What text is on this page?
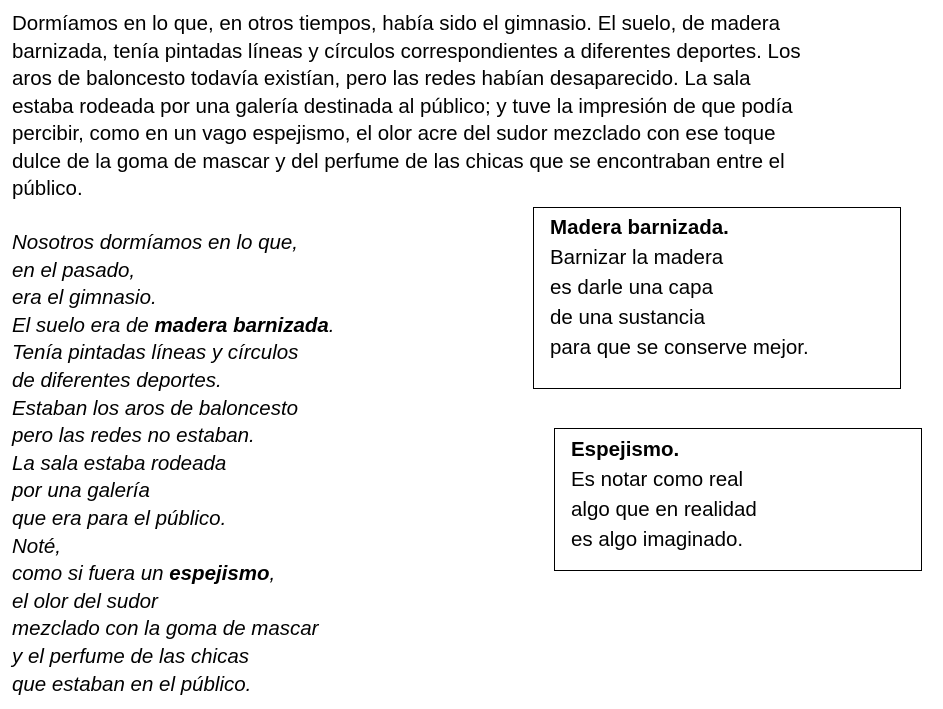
Dormíamos en lo que, en otros tiempos, había sido el gimnasio. El suelo, de madera
barnizada, tenía pintadas líneas y círculos correspondientes a diferentes deportes. Los
aros de baloncesto todavía existían, pero las redes habían desaparecido. La sala
estaba rodeada por una galería destinada al público; y tuve la impresión de que podía
percibir, como en un vago espejismo, el olor acre del sudor mezclado con ese toque
dulce de la goma de mascar y del perfume de las chicas que se encontraban entre el
público.
Nosotros dormíamos en lo que,
en el pasado,
era el gimnasio.
El suelo era de madera barnizada.
Tenía pintadas líneas y círculos
de diferentes deportes.
Estaban los aros de baloncesto
pero las redes no estaban.
La sala estaba rodeada
por una galería
que era para el público.
Noté,
como si fuera un espejismo,
el olor del sudor
mezclado con la goma de mascar
y el perfume de las chicas
que estaban en el público.
Madera barnizada.
Barnizar la madera
es darle una capa
de una sustancia
para que se conserve mejor.
Espejismo.
Es notar como real
algo que en realidad
es algo imaginado.
